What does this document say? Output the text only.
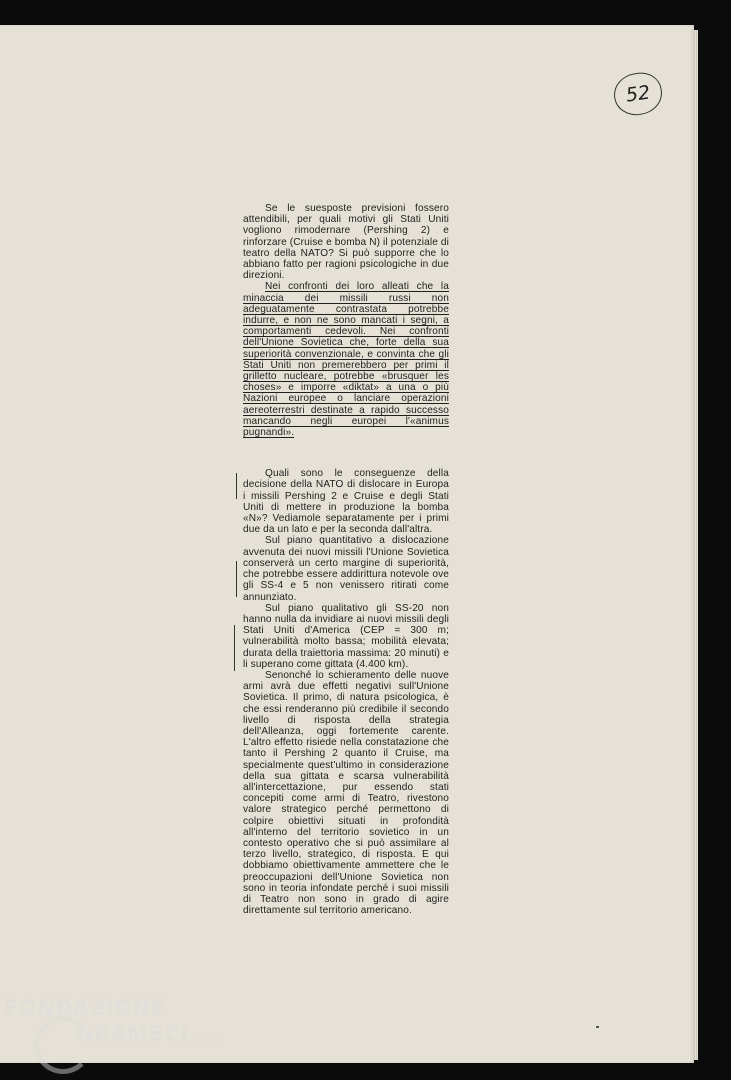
52

Se le suesposte previsioni fossero attendibili, per quali motivi gli Stati Uniti vogliono rimodernare (Pershing 2) e rinforzare (Cruise e bomba N) il potenziale di teatro della NATO? Si può supporre che lo abbiano fatto per ragioni psicologiche in due direzioni.

Nei confronti dei loro alleati che la minaccia dei missili russi non adeguatamente contrastata potrebbe indurre, e non ne sono mancati i segni, a comportamenti cedevoli. Nei confronti dell'Unione Sovietica che, forte della sua superiorità convenzionale, e convinta che gli Stati Uniti non premerebbero per primi il grilletto nucleare, potrebbe «brusquer les choses» e imporre «diktat» a una o più Nazioni europee o lanciare operazioni aereoterrestri destinate a rapido successo mancando negli europei l'«animus pugnandi».

Quali sono le conseguenze della decisione della NATO di dislocare in Europa i missili Pershing 2 e Cruise e degli Stati Uniti di mettere in produzione la bomba «N»? Vediamole separatamente per i primi due da un lato e per la seconda dall'altra.

Sul piano quantitativo a dislocazione avvenuta dei nuovi missili l'Unione Sovietica conserverà un certo margine di superiorità, che potrebbe essere addirittura notevole ove gli SS-4 e 5 non venissero ritirati come annunziato.

Sul piano qualitativo gli SS-20 non hanno nulla da invidiare ai nuovi missili degli Stati Uniti d'America (CEP = 300 m; vulnerabilità molto bassa; mobilità elevata; durata della traiettoria massima: 20 minuti) e li superano come gittata (4.400 km).

Senonché lo schieramento delle nuove armi avrà due effetti negativi sull'Unione Sovietica. Il primo, di natura psicologica, è che essi renderanno più credibile il secondo livello di risposta della strategia dell'Alleanza, oggi fortemente carente. L'altro effetto risiede nella constatazione che tanto il Pershing 2 quanto il Cruise, ma specialmente quest'ultimo in considerazione della sua gittata e scarsa vulnerabilità all'intercettazione, pur essendo stati concepiti come armi di Teatro, rivestono valore strategico perché permettono di colpire obiettivi situati in profondità all'interno del territorio sovietico in un contesto operativo che si può assimilare al terzo livello, strategico, di risposta. E qui dobbiamo obiettivamente ammettere che le preoccupazioni dell'Unione Sovietica non sono in teoria infondate perché i suoi missili di Teatro non sono in grado di agire direttamente sul territorio americano.

FONDAZIONE
GRAMSCI onlus
